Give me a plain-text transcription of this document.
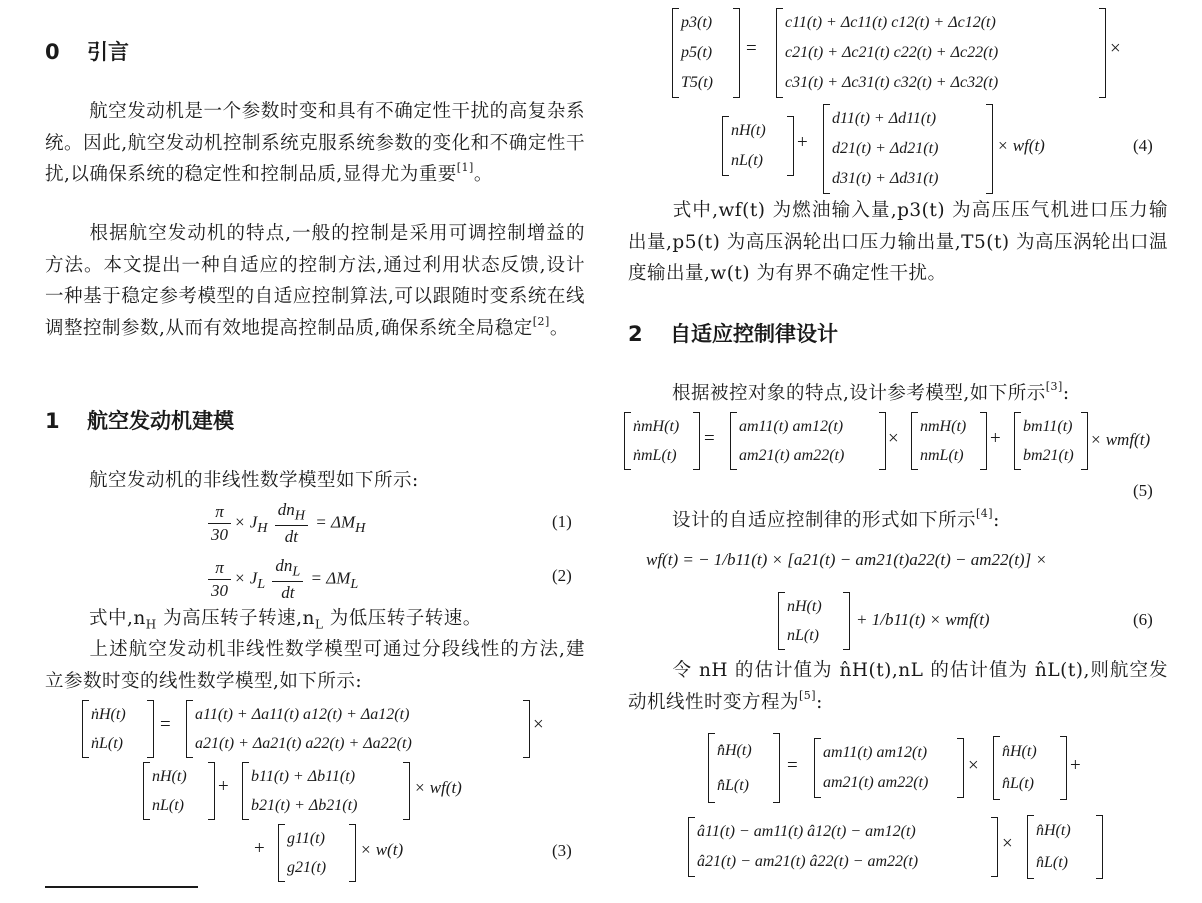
0 引言

航空发动机是一个参数时变和具有不确定性干扰的高复杂系统。因此,航空发动机控制系统克服系统参数的变化和不确定性干扰,以确保系统的稳定性和控制品质,显得尤为重要[1]。

根据航空发动机的特点,一般的控制是采用可调控制增益的方法。本文提出一种自适应的控制方法,通过利用状态反馈,设计一种基于稳定参考模型的自适应控制算法,可以跟随时变系统在线调整控制参数,从而有效地提高控制品质,确保系统全局稳定[2]。

1 航空发动机建模

航空发动机的非线性数学模型如下所示:

$\frac{\pi}{30} \times J_H \frac{dn_H}{dt} = \Delta M_H$	(1)
$\frac{\pi}{30} \times J_L \frac{dn_L}{dt} = \Delta M_L$	(2)

式中$,n_H$ 为高压转子转速$,n_L$ 为低压转子转速。

上述航空发动机非线性数学模型可通过分段线性的方法,建立参数时变的线性数学模型,如下所示:

ṅH(t)
ṅL(t)
= a11(t) + Δa11(t) a12(t) + Δa12(t)
a21(t) + Δa21(t) a22(t) + Δa22(t)
×
nH(t)
nL(t)
+ b11(t) + Δb11(t)
b21(t) + Δb21(t)
× wf(t)
+ g11(t)
g21(t)
× w(t)	(3)
p3(t)
p5(t)
T5(t)
=
c11(t) + Δc11(t) c12(t) + Δc12(t)
c21(t) + Δc21(t) c22(t) + Δc22(t)
c31(t) + Δc31(t) c32(t) + Δc32(t)
×
nH(t)
nL(t)
+
d11(t) + Δd11(t)
d21(t) + Δd21(t)
d31(t) + Δd31(t)
× wf(t)	(4)

式中,wf(t) 为燃油输入量,p3(t) 为高压压气机进口压力输出量,p5(t) 为高压涡轮出口压力输出量,T5(t) 为高压涡轮出口温度输出量,w(t) 为有界不确定性干扰。

2 自适应控制律设计

根据被控对象的特点,设计参考模型,如下所示[3]:

ṅmH(t)
ṅmL(t)
=
am11(t) am12(t)
am21(t) am22(t)
×
nmH(t)
nmL(t)
+
bm11(t)
bm21(t)
× wmf(t)
(5)

设计的自适应控制律的形式如下所示[4]:

wf(t) = − 1/b11(t) × [a21(t) − am21(t)a22(t) − am22(t)] ×
nH(t)
nL(t)
+ 1/b11(t) × wmf(t)	(6)

令 nH 的估计值为 n̂H(t),nL 的估计值为 n̂L(t),则航空发动机线性时变方程为[5]:

n̂̇H(t)
n̂̇L(t)
=
am11(t) am12(t)
am21(t) am22(t)
×
n̂H(t)
n̂L(t)
+
â11(t) − am11(t) â12(t) − am12(t)
â21(t) − am21(t) â22(t) − am22(t)
×
n̂H(t)
n̂L(t)
